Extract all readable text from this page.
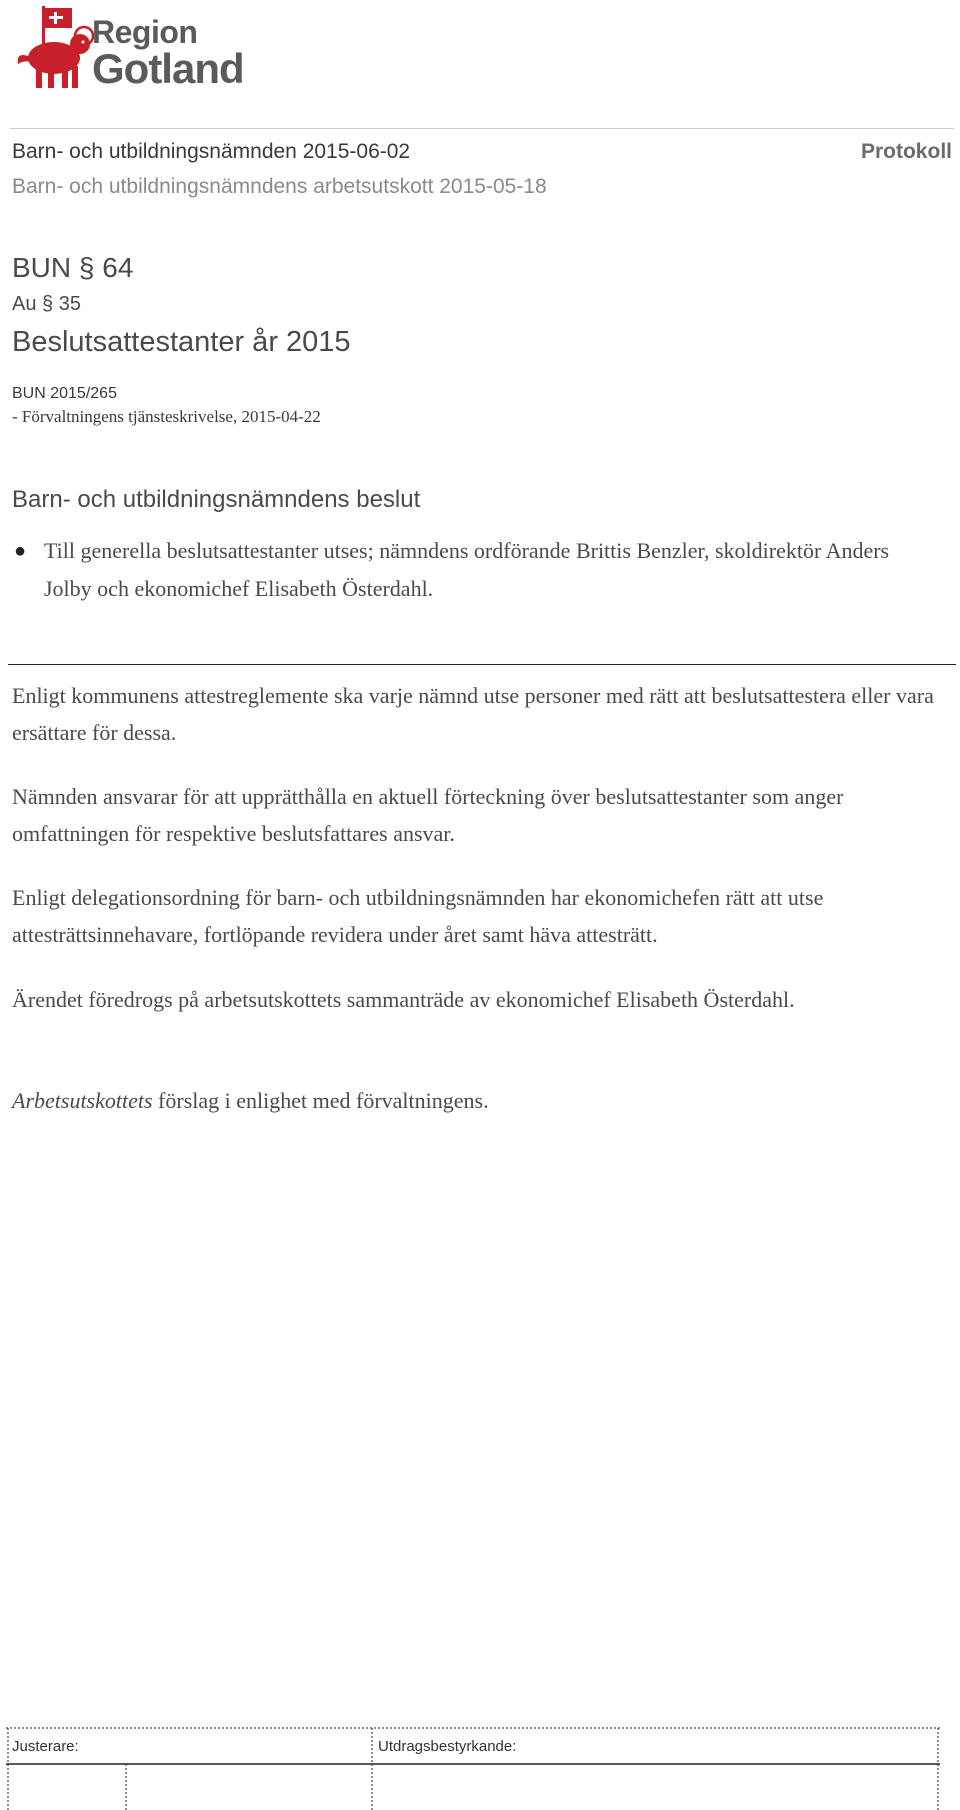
Region
Gotland
Barn- och utbildningsnämnden 2015-06-02	Protokoll
Barn- och utbildningsnämndens arbetsutskott 2015-05-18
BUN § 64
Au § 35
Beslutsattestanter år 2015
BUN 2015/265
- Förvaltningens tjänsteskrivelse, 2015-04-22
Barn- och utbildningsnämndens beslut
● Till generella beslutsattestanter utses; nämndens ordförande Brittis Benzler, skoldirektör Anders Jolby och ekonomichef Elisabeth Österdahl.
Enligt kommunens attestreglemente ska varje nämnd utse personer med rätt att beslutsattestera eller vara ersättare för dessa.
Nämnden ansvarar för att upprätthålla en aktuell förteckning över beslutsattestanter som anger omfattningen för respektive beslutsfattares ansvar.
Enligt delegationsordning för barn- och utbildningsnämnden har ekonomichefen rätt att utse attesträttsinnehavare, fortlöpande revidera under året samt häva attesträtt.
Ärendet föredrogs på arbetsutskottets sammanträde av ekonomichef Elisabeth Österdahl.
Arbetsutskottets förslag i enlighet med förvaltningens.
Justerare:	Utdragsbestyrkande:
